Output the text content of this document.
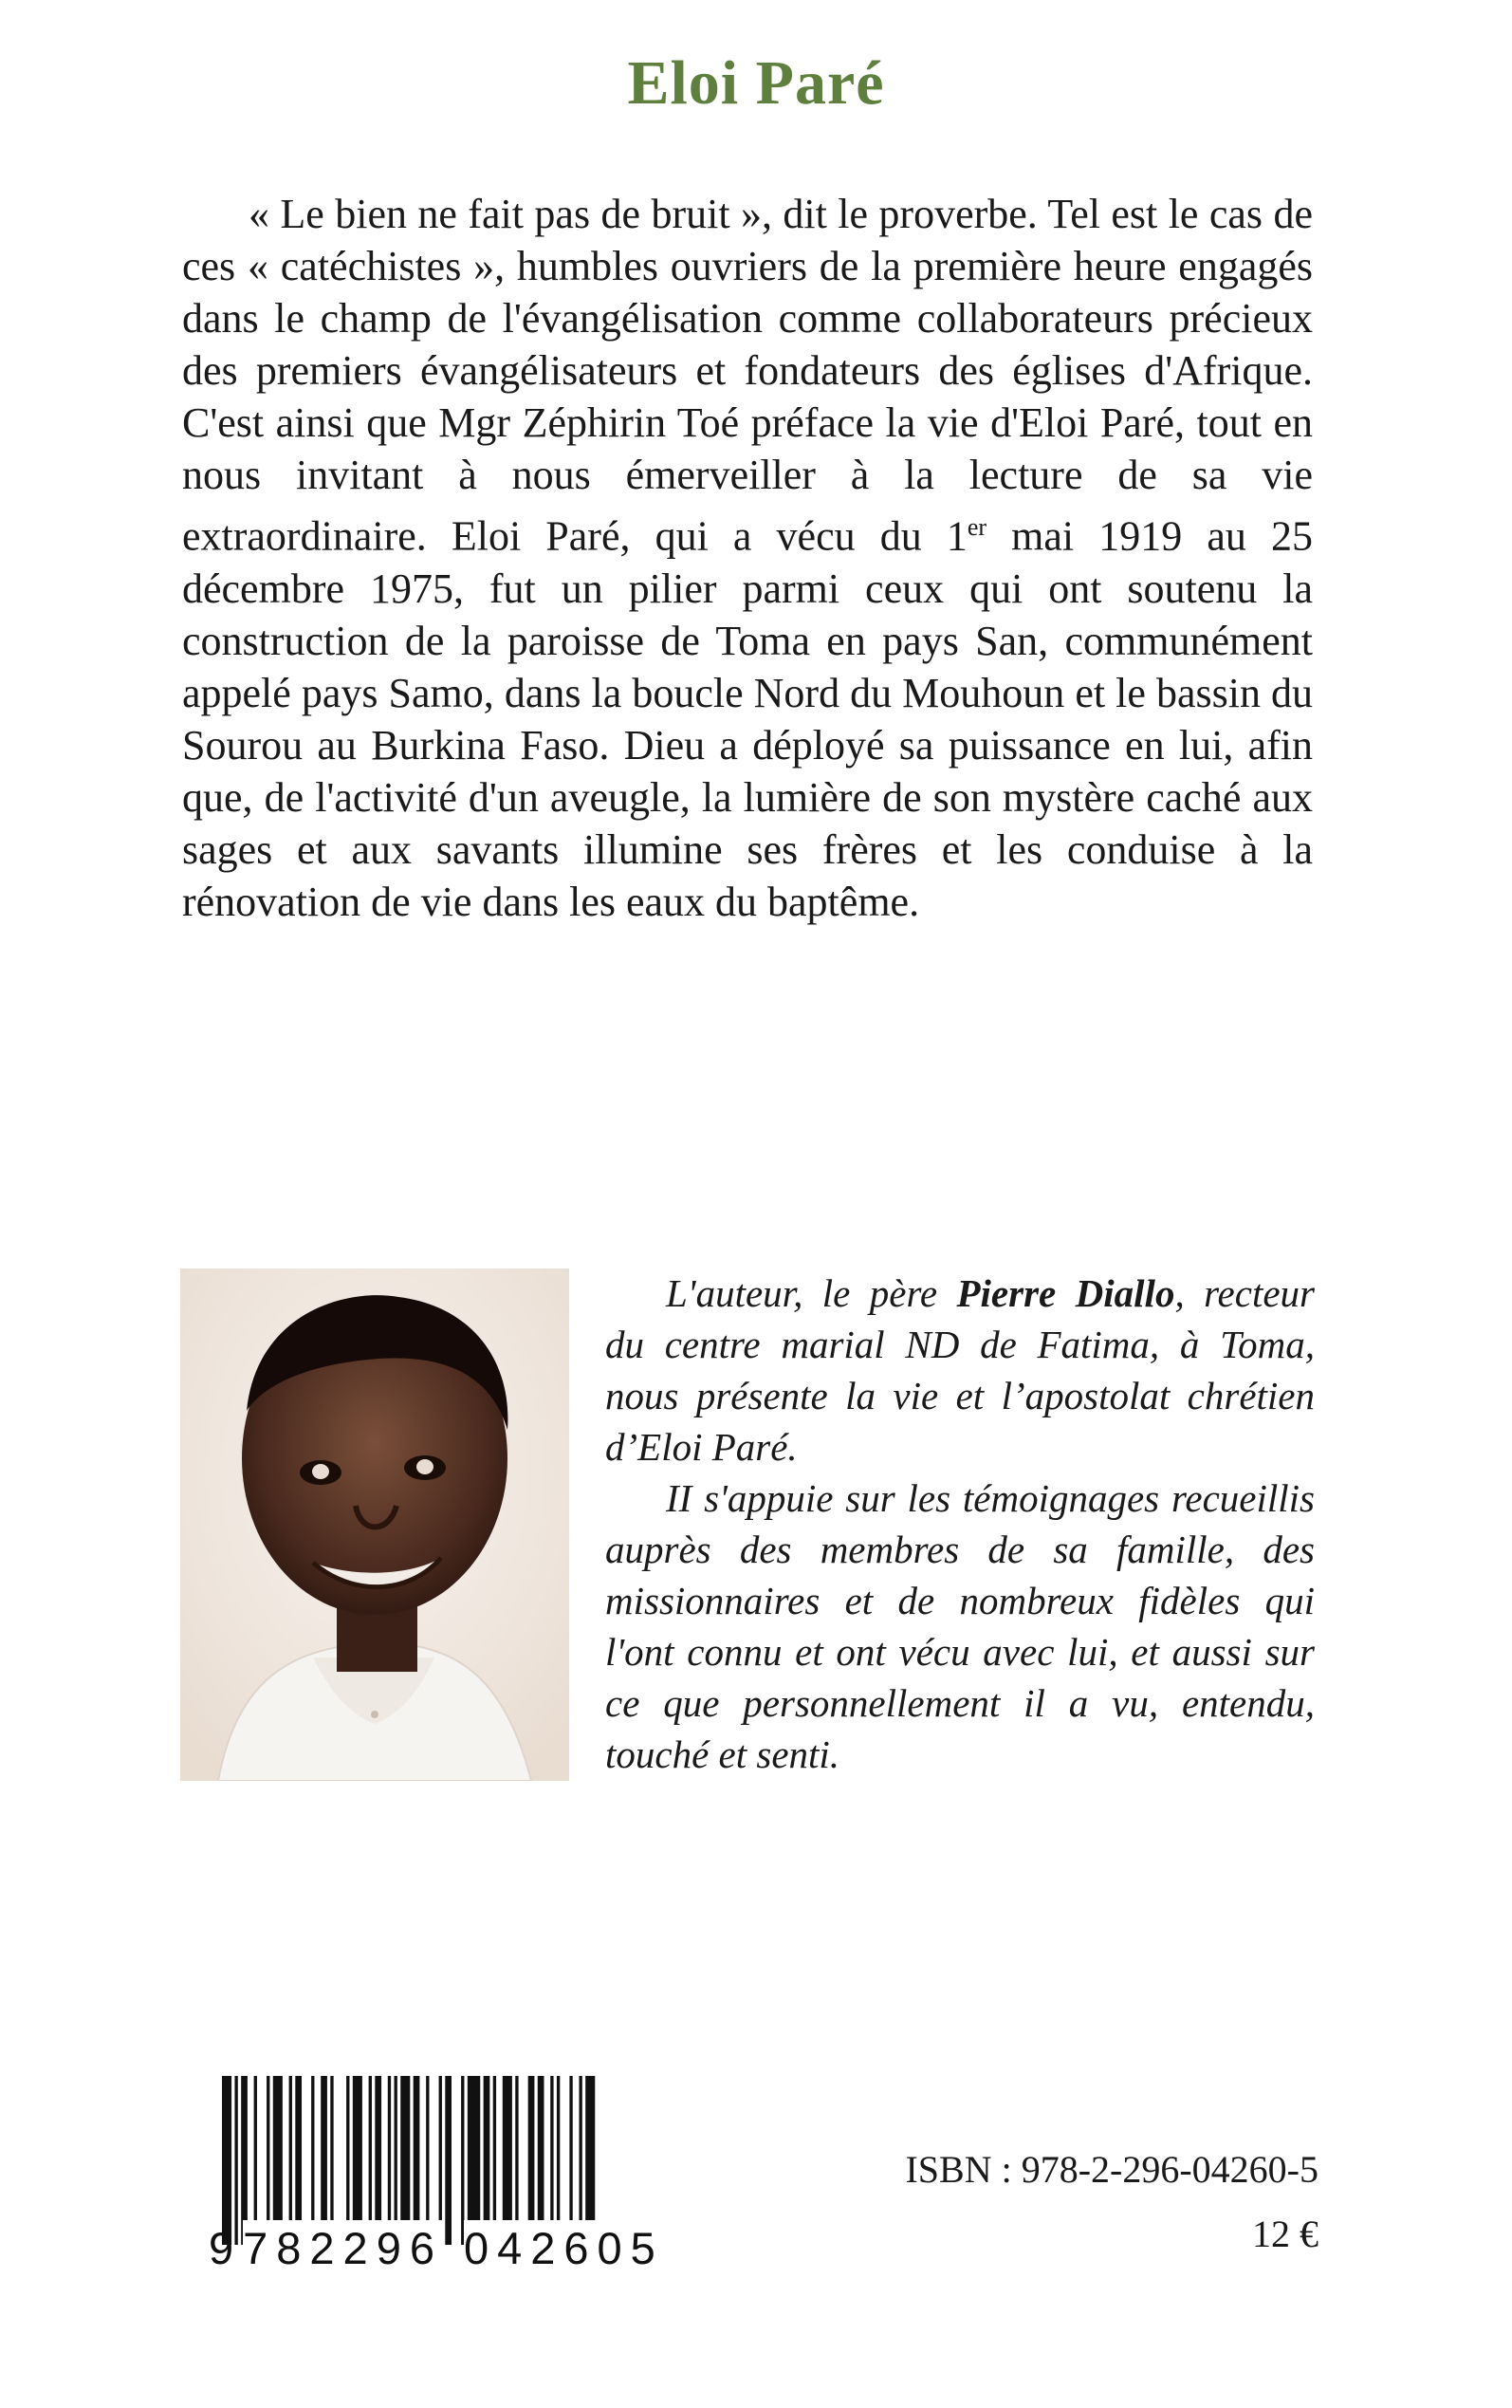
Eloi Paré

« Le bien ne fait pas de bruit », dit le proverbe. Tel est le cas de ces « catéchistes », humbles ouvriers de la première heure engagés dans le champ de l'évangélisation comme collaborateurs précieux des premiers évangélisateurs et fondateurs des églises d'Afrique. C'est ainsi que Mgr Zéphirin Toé préface la vie d'Eloi Paré, tout en nous invitant à nous émerveiller à la lecture de sa vie extraordinaire. Eloi Paré, qui a vécu du 1er mai 1919 au 25 décembre 1975, fut un pilier parmi ceux qui ont soutenu la construction de la paroisse de Toma en pays San, communément appelé pays Samo, dans la boucle Nord du Mouhoun et le bassin du Sourou au Burkina Faso. Dieu a déployé sa puissance en lui, afin que, de l'activité d'un aveugle, la lumière de son mystère caché aux sages et aux savants illumine ses frères et les conduise à la rénovation de vie dans les eaux du baptême.

L'auteur, le père Pierre Diallo, recteur du centre marial ND de Fatima, à Toma, nous présente la vie et l’apostolat chrétien d’Eloi Paré.

II s'appuie sur les témoignages recueillis auprès des membres de sa famille, des missionnaires et de nombreux fidèles qui l'ont connu et ont vécu avec lui, et aussi sur ce que personnellement il a vu, entendu, touché et senti.

9 782296 042605
ISBN : 978-2-296-04260-5
12 €
